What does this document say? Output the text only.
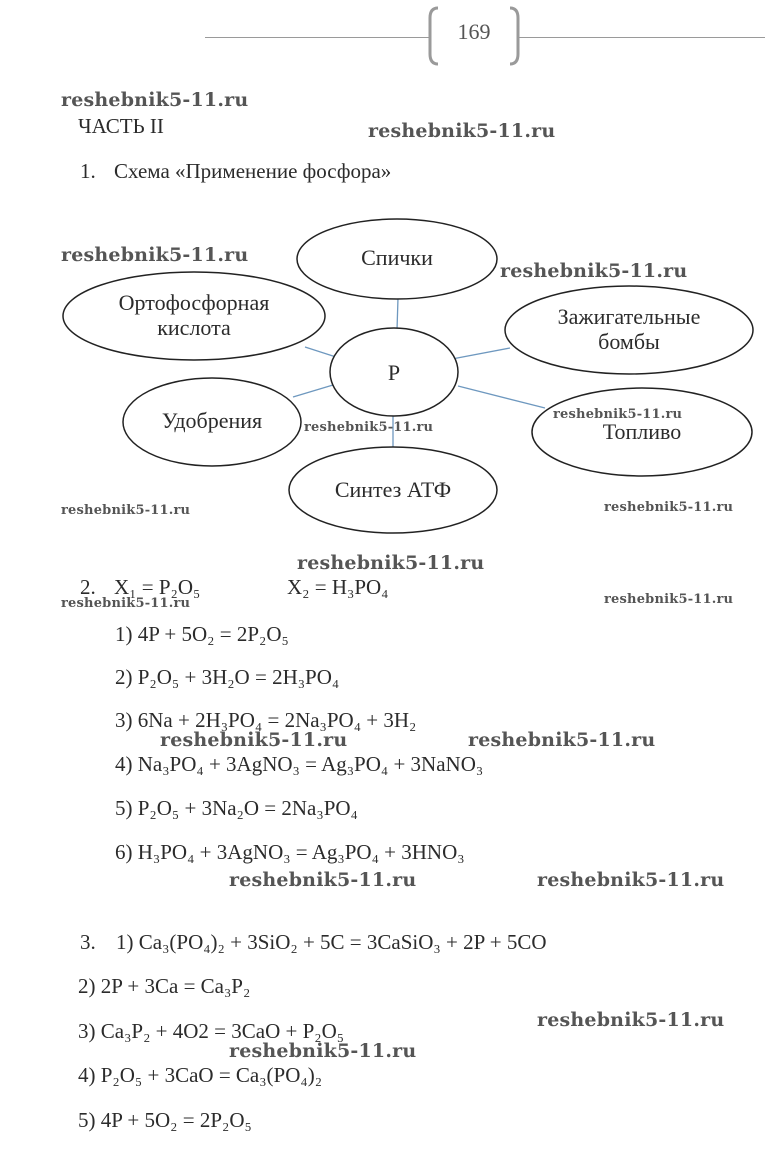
169
ЧАСТЬ II
1. Схема «Применение фосфора»
Спички
Ортофосфорная
кислота	Зажигательные
бомбы
P
Удобрения	Топливо
Синтез АТФ
2. X₁ = P₂O₅	X₂ = H₃PO₄
1) 4P + 5O₂ = 2P₂O₅
2) P₂O₅ + 3H₂O = 2H₃PO₄
3) 6Na + 2H₃PO₄ = 2Na₃PO₄ + 3H₂
4) Na₃PO₄ + 3AgNO₃ = Ag₃PO₄ + 3NaNO₃
5) P₂O₅ + 3Na₂O = 2Na₃PO₄
6) H₃PO₄ + 3AgNO₃ = Ag₃PO₄ + 3HNO₃
3. 1) Ca₃(PO₄)₂ + 3SiO₂ + 5C = 3CaSiO₃ + 2P + 5CO
2) 2P + 3Ca = Ca₃P₂
3) Ca₃P₂ + 4O2 = 3CaO + P₂O₅
4) P₂O₅ + 3CaO = Ca₃(PO₄)₂
5) 4P + 5O₂ = 2P₂O₅
reshebnik5-11.ru
reshebnik5-11.ru
reshebnik5-11.ru
reshebnik5-11.ru
reshebnik5-11.ru
reshebnik5-11.ru
reshebnik5-11.ru	reshebnik5-11.ru
reshebnik5-11.ru
reshebnik5-11.ru	reshebnik5-11.ru
reshebnik5-11.ru	reshebnik5-11.ru
reshebnik5-11.ru	reshebnik5-11.ru
reshebnik5-11.ru
reshebnik5-11.ru
